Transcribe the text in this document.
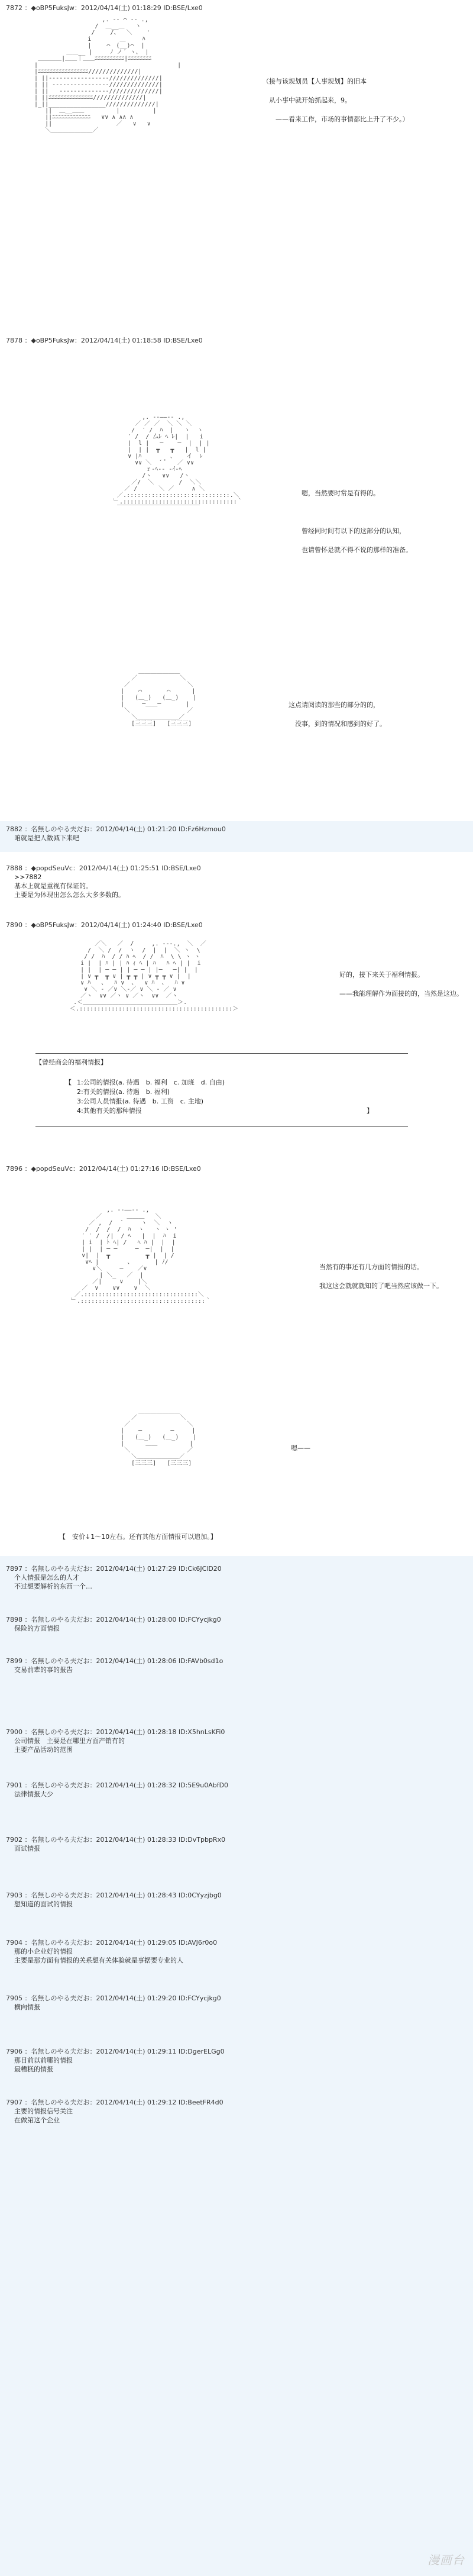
7872 ：◆oBP5FuksJw：2012/04/14(土) 01:18:29 ID:BSE/Lxe0
,. -‐ ⌒ ‐- .,
/  ＿__＿   ヽ
/ 　　/、　 ＼    '
i  　　　 ＿ 　  ﾊ
|　　 ⌒　(__)⌒  |
＿＿__ |     ﾉ ノ´ ヽ、 |
＿＿＿＿|＿＿｜＿＿ﾆﾆﾆﾆﾆﾆﾆﾆﾆﾆ|ﾆﾆﾆﾆﾆﾆﾆﾆ
|　　　 　　　　　　　　　　　　　　　　　　　　|
|ﾆﾆﾆﾆﾆﾆﾆﾆﾆﾆﾆﾆﾆﾆﾆﾆﾆ//////////////|
| ||‐‐‐‐‐‐‐‐‐‐‐‐‐‐‐‐‐//////////////|
| || ‐‐‐‐‐‐‐‐‐‐‐‐‐‐‐‐//////////////|
| ||   ‐‐‐‐‐‐‐‐‐‐‐‐‐‐//////////////|
| ||ﾆﾆﾆﾆﾆﾆﾆﾆﾆﾆﾆﾆﾆﾆﾆ//////////////|
|_||________________//////////////|
||  ＿__＿＿         |  　  　  |
||ﾆﾆﾆﾆﾆﾆﾆﾆﾆﾆﾆﾆﾆ   ∨∨ ∧ ∧∧ ∧
||                  ／   ∨   ∨
＼＿＿＿＿＿＿＿／

（接与该规划员【人事规划】的旧本

　从小事中就开始抓起来，9。

　　——看来工作，市场的事情都比上升了不少。）
7878 ：◆oBP5FuksJw：2012/04/14(土) 01:18:58 ID:BSE/Lxe0
,. -‐――‐- .,
／ ／ ／  ＼ ＼ ＼
/  ′ /  ﾊ  |   ヽ  ヽ
′ /  / 厶ﾚ ﾍ ﾚ|  |   i
|  l |   ─    ─  |  | |
|  | |  ┳   ┳   |  l |
∨ |ﾊ        、   イ  ﾚ
∨∨ ＼  ´ ﾟ   ／ ∨∨
ｒ‐ﾍ‐- ‐ｲ‐ﾍ
/ヽ   ∨∨   /ヽ
／/  ＼       /  ＼＼
／ /      ＼ ／     ∧ ＼
／.:::::::::::::::::::::::::::::.＼
﹂.::::::::::::::::::::::::::::::::｀
￣￣￣￣￣￣￣￣￣￣￣￣￣￣

嗯，当然要时常是有得的。
曾经同时间有以下的这部分的认知，

也请曾怀是就不得不说的那样的准备。
＿＿＿＿＿＿＿
／            ＼
／                ＼
|    ⌒       ⌒      |
|   (＿_)   (＿_)    |
|     ─＿＿─       |
＼                ／
＼＿＿＿＿＿＿＿／
[三三三]   [三三三]

这点请阅读的那些的部分的的，

　没事，到的情况和感到的好了。
7882 ：名無しのやる夫だお：2012/04/14(土) 01:21:20 ID:Fz6Hzmou0
咱就是把人数减下来吧
7888 ：◆popdSeuVc：2012/04/14(土) 01:25:51 ID:BSE/Lxe0
>>7882
基本上就是重视有保证的。
主要是为体现出怎么怎么大多多数的。
7890 ：◆oBP5FuksJw：2012/04/14(土) 01:24:40 ID:BSE/Lxe0
／＼   ／  /     ,. -‐-.,  ＼  ／
/  ＼ /  /  ヽ  /  |  |  ＼ ヽ  \
/ /  ﾊ  / / ﾊ ﾍ  / /  ﾊ  \ \ ヽ ヽ
i |  | ﾊ | | ﾊ ｨ ﾍ | ﾊ   ﾊ ﾍ | |  i
| |  | ─ ─ | | ─ ─ | |─   ─| |  |
| ∨ ┳  ┳ ∨ | ┳ ┳ | ∨ ┳ ┳ ∨ |  |
∨ ﾊ   、  ﾊ ∨  、  ∨ ﾊ  、  ﾊ ∨
∨ ＼ ‐ ／∨ ＼‐／ ∨ ＼ ‐ ／ ∨
／ヽ  ∨∨ ／ヽ ∨ ／ヽ  ∨∨  ／ヽ
.＜＿＿＿＿＿＿＿＿＿＿＿＿＿＿＿＿＞.
＜.:::::::::::::::::::::::::::::::::::::::::::＞

好的，接下来关于福利情报。

——我能理解作为面接的的，当然是这边。
【曾经商会的福利情报】
1:公司的情报(a. 待遇　b. 福利　c. 加班　d. 自由)
2:有关的情报(a. 待遇　b. 福利)
3:公司人员情报(a. 待遇　b. 工资　c. 主地)
4:其他有关的那种情报
【
】
7896 ：◆popdSeuVc：2012/04/14(土) 01:27:16 ID:BSE/Lxe0
,. -‐――‐- .,
／       ＿＿＿   ＼
／ ,  /  ´     ヽ  ＼  ヽ
/  /  /  /  ﾊ  ヽ   ヽ ヽ '
′ ′ /  /|  / ﾍ   |  |  ﾊ  i
| i  | ﾄ ﾍ| /   ﾍ ﾊ |  |  |
| |  | ─ ─     ─  ─|  |  |
∨|  |  ┳          ┳ |  | /
∨ﾍ |        、      | ﾉ/
∨＼     ─    ／∨
| ＼_   ／  |
／|     ∨    |＼
／  ∨    ∨∨    ∨  ＼
／.::::::::::::::::::::::::::::::::＼
﹂.:::::::::::::::::::::::::::::::::::｀

当然有的事还有几方面的情报的话。

我这这会就就就知的了吧当然应该做一下。
＿＿＿＿＿＿＿
／            ＼
／                ＼
|    ─        ─     |
|   (＿_)   (＿_)    |
|      ＿＿         |
＼                ／
＼＿＿＿＿＿＿＿／
[三三三]   [三三三]

嗯——
【　安价↓1～10左右。还有其他方面情报可以追加。】
7897 ：名無しのやる夫だお：2012/04/14(土) 01:27:29 ID:Ck6JClD20
个人情报是怎么的人才
不过想要解析的东西一个…
7898 ：名無しのやる夫だお：2012/04/14(土) 01:28:00 ID:FCYycjkg0
保险的方面情报
7899 ：名無しのやる夫だお：2012/04/14(土) 01:28:06 ID:FAVb0sd1o
交易前辈的事的报告
7900 ：名無しのやる夫だお：2012/04/14(土) 01:28:18 ID:X5hnLsKFi0
公司情报　主要是在哪里方面产销有的
主要产品活动的范围
7901 ：名無しのやる夫だお：2012/04/14(土) 01:28:32 ID:5E9u0AbfD0
法律情报大少
7902 ：名無しのやる夫だお：2012/04/14(土) 01:28:33 ID:DvTpbpRx0
面试情报
7903 ：名無しのやる夫だお：2012/04/14(土) 01:28:43 ID:0CYyzjbg0
想知道的面试的情报
7904 ：名無しのやる夫だお：2012/04/14(土) 01:29:05 ID:AVJ6r0o0
那的小企业好的情报
主要是那方面有情报的关系想有关体验就是事据要专业的人
7905 ：名無しのやる夫だお：2012/04/14(土) 01:29:20 ID:FCYycjkg0
横向情报
7906 ：名無しのやる夫だお：2012/04/14(土) 01:29:11 ID:DgerELGg0
那目前以前哪的情报
最糟糕的情报
7907 ：名無しのやる夫だお：2012/04/14(土) 01:29:12 ID:BeetFR4d0
主要的情报信号关注
在做第这个企业
漫画台
